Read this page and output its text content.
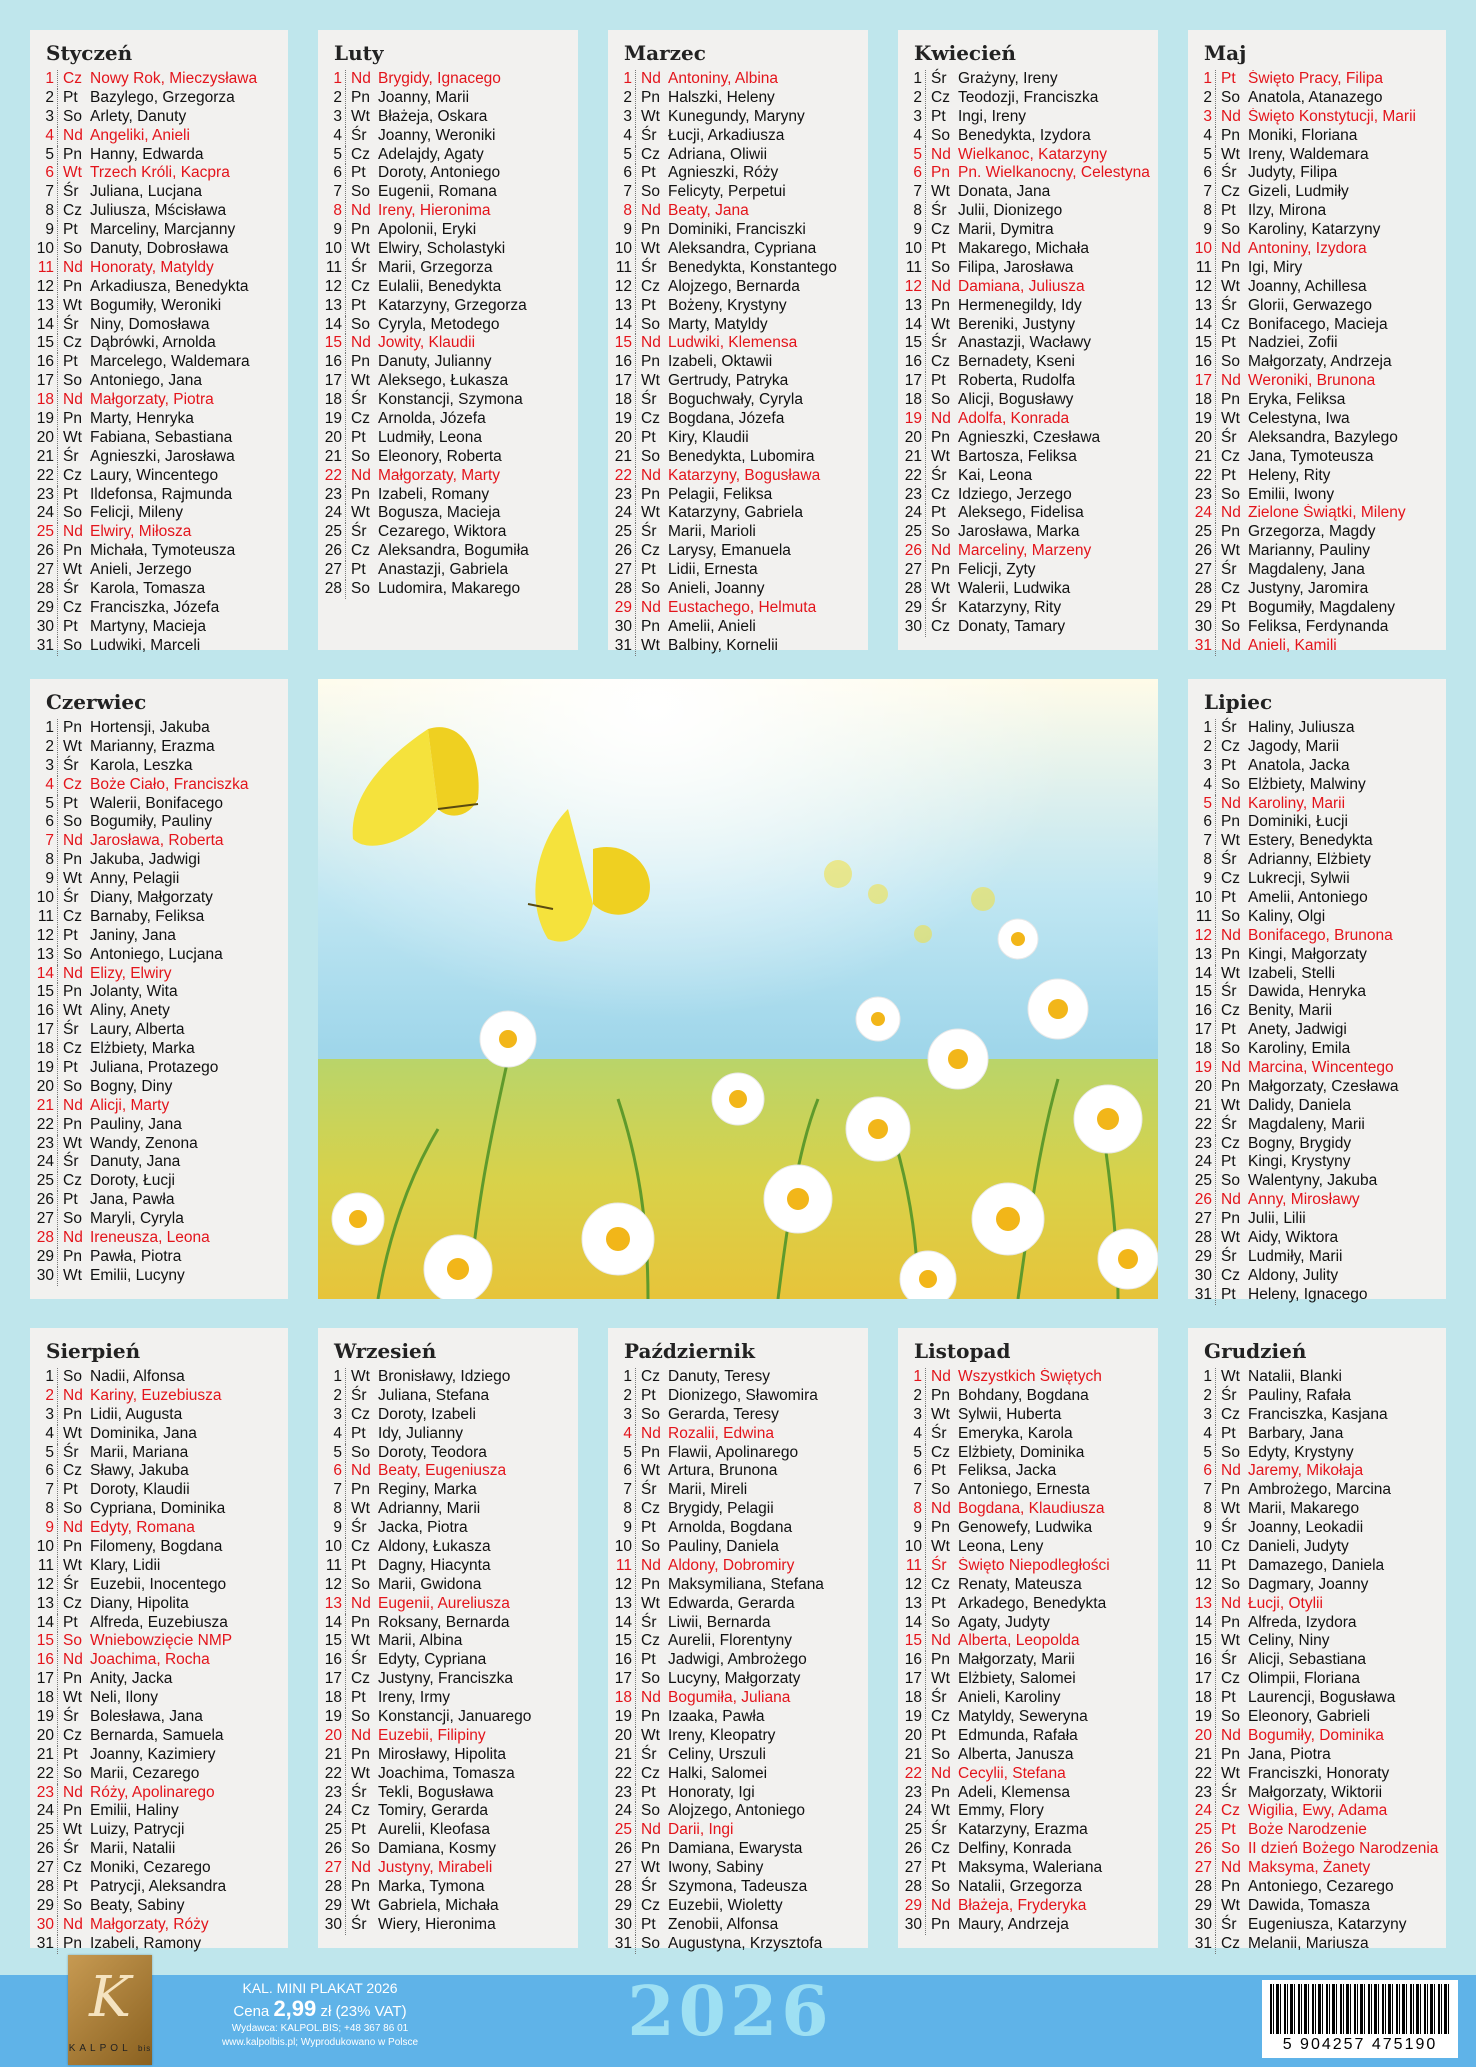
Styczeń
1 Cz Nowy Rok, Mieczysława
2 Pt Bazylego, Grzegorza
3 So Arlety, Danuty
4 Nd Angeliki, Anieli
5 Pn Hanny, Edwarda
6 Wt Trzech Króli, Kacpra
7 Śr Juliana, Lucjana
8 Cz Juliusza, Mścisława
9 Pt Marceliny, Marcjanny
10 So Danuty, Dobrosława
11 Nd Honoraty, Matyldy
12 Pn Arkadiusza, Benedykta
13 Wt Bogumiły, Weroniki
14 Śr Niny, Domosława
15 Cz Dąbrówki, Arnolda
16 Pt Marcelego, Waldemara
17 So Antoniego, Jana
18 Nd Małgorzaty, Piotra
19 Pn Marty, Henryka
20 Wt Fabiana, Sebastiana
21 Śr Agnieszki, Jarosława
22 Cz Laury, Wincentego
23 Pt Ildefonsa, Rajmunda
24 So Felicji, Mileny
25 Nd Elwiry, Miłosza
26 Pn Michała, Tymoteusza
27 Wt Anieli, Jerzego
28 Śr Karola, Tomasza
29 Cz Franciszka, Józefa
30 Pt Martyny, Macieja
31 So Ludwiki, Marceli
Luty
1 Nd Brygidy, Ignacego
2 Pn Joanny, Marii
3 Wt Błażeja, Oskara
4 Śr Joanny, Weroniki
5 Cz Adelajdy, Agaty
6 Pt Doroty, Antoniego
7 So Eugenii, Romana
8 Nd Ireny, Hieronima
9 Pn Apolonii, Eryki
10 Wt Elwiry, Scholastyki
11 Śr Marii, Grzegorza
12 Cz Eulalii, Benedykta
13 Pt Katarzyny, Grzegorza
14 So Cyryla, Metodego
15 Nd Jowity, Klaudii
16 Pn Danuty, Julianny
17 Wt Aleksego, Łukasza
18 Śr Konstancji, Szymona
19 Cz Arnolda, Józefa
20 Pt Ludmiły, Leona
21 So Eleonory, Roberta
22 Nd Małgorzaty, Marty
23 Pn Izabeli, Romany
24 Wt Bogusza, Macieja
25 Śr Cezarego, Wiktora
26 Cz Aleksandra, Bogumiła
27 Pt Anastazji, Gabriela
28 So Ludomira, Makarego
Marzec
1 Nd Antoniny, Albina
2 Pn Halszki, Heleny
3 Wt Kunegundy, Maryny
4 Śr Łucji, Arkadiusza
5 Cz Adriana, Oliwii
6 Pt Agnieszki, Róży
7 So Felicyty, Perpetui
8 Nd Beaty, Jana
9 Pn Dominiki, Franciszki
10 Wt Aleksandra, Cypriana
11 Śr Benedykta, Konstantego
12 Cz Alojzego, Bernarda
13 Pt Bożeny, Krystyny
14 So Marty, Matyldy
15 Nd Ludwiki, Klemensa
16 Pn Izabeli, Oktawii
17 Wt Gertrudy, Patryka
18 Śr Boguchwały, Cyryla
19 Cz Bogdana, Józefa
20 Pt Kiry, Klaudii
21 So Benedykta, Lubomira
22 Nd Katarzyny, Bogusława
23 Pn Pelagii, Feliksa
24 Wt Katarzyny, Gabriela
25 Śr Marii, Marioli
26 Cz Larysy, Emanuela
27 Pt Lidii, Ernesta
28 So Anieli, Joanny
29 Nd Eustachego, Helmuta
30 Pn Amelii, Anieli
31 Wt Balbiny, Kornelii
Kwiecień
1 Śr Grażyny, Ireny
2 Cz Teodozji, Franciszka
3 Pt Ingi, Ireny
4 So Benedykta, Izydora
5 Nd Wielkanoc, Katarzyny
6 Pn Pn. Wielkanocny, Celestyna
7 Wt Donata, Jana
8 Śr Julii, Dionizego
9 Cz Marii, Dymitra
10 Pt Makarego, Michała
11 So Filipa, Jarosława
12 Nd Damiana, Juliusza
13 Pn Hermenegildy, Idy
14 Wt Bereniki, Justyny
15 Śr Anastazji, Wacławy
16 Cz Bernadety, Kseni
17 Pt Roberta, Rudolfa
18 So Alicji, Bogusławy
19 Nd Adolfa, Konrada
20 Pn Agnieszki, Czesława
21 Wt Bartosza, Feliksa
22 Śr Kai, Leona
23 Cz Idziego, Jerzego
24 Pt Aleksego, Fidelisa
25 So Jarosława, Marka
26 Nd Marceliny, Marzeny
27 Pn Felicji, Zyty
28 Wt Walerii, Ludwika
29 Śr Katarzyny, Rity
30 Cz Donaty, Tamary
Maj
1 Pt Święto Pracy, Filipa
2 So Anatola, Atanazego
3 Nd Święto Konstytucji, Marii
4 Pn Moniki, Floriana
5 Wt Ireny, Waldemara
6 Śr Judyty, Filipa
7 Cz Gizeli, Ludmiły
8 Pt Ilzy, Mirona
9 So Karoliny, Katarzyny
10 Nd Antoniny, Izydora
11 Pn Igi, Miry
12 Wt Joanny, Achillesa
13 Śr Glorii, Gerwazego
14 Cz Bonifacego, Macieja
15 Pt Nadziei, Zofii
16 So Małgorzaty, Andrzeja
17 Nd Weroniki, Brunona
18 Pn Eryka, Feliksa
19 Wt Celestyna, Iwa
20 Śr Aleksandra, Bazylego
21 Cz Jana, Tymoteusza
22 Pt Heleny, Rity
23 So Emilii, Iwony
24 Nd Zielone Świątki, Mileny
25 Pn Grzegorza, Magdy
26 Wt Marianny, Pauliny
27 Śr Magdaleny, Jana
28 Cz Justyny, Jaromira
29 Pt Bogumiły, Magdaleny
30 So Feliksa, Ferdynanda
31 Nd Anieli, Kamili
Czerwiec
1 Pn Hortensji, Jakuba
2 Wt Marianny, Erazma
3 Śr Karola, Leszka
4 Cz Boże Ciało, Franciszka
5 Pt Walerii, Bonifacego
6 So Bogumiły, Pauliny
7 Nd Jarosława, Roberta
8 Pn Jakuba, Jadwigi
9 Wt Anny, Pelagii
10 Śr Diany, Małgorzaty
11 Cz Barnaby, Feliksa
12 Pt Janiny, Jana
13 So Antoniego, Lucjana
14 Nd Elizy, Elwiry
15 Pn Jolanty, Wita
16 Wt Aliny, Anety
17 Śr Laury, Alberta
18 Cz Elżbiety, Marka
19 Pt Juliana, Protazego
20 So Bogny, Diny
21 Nd Alicji, Marty
22 Pn Pauliny, Jana
23 Wt Wandy, Zenona
24 Śr Danuty, Jana
25 Cz Doroty, Łucji
26 Pt Jana, Pawła
27 So Maryli, Cyryla
28 Nd Ireneusza, Leona
29 Pn Pawła, Piotra
30 Wt Emilii, Lucyny
Lipiec
1 Śr Haliny, Juliusza
2 Cz Jagody, Marii
3 Pt Anatola, Jacka
4 So Elżbiety, Malwiny
5 Nd Karoliny, Marii
6 Pn Dominiki, Łucji
7 Wt Estery, Benedykta
8 Śr Adrianny, Elżbiety
9 Cz Lukrecji, Sylwii
10 Pt Amelii, Antoniego
11 So Kaliny, Olgi
12 Nd Bonifacego, Brunona
13 Pn Kingi, Małgorzaty
14 Wt Izabeli, Stelli
15 Śr Dawida, Henryka
16 Cz Benity, Marii
17 Pt Anety, Jadwigi
18 So Karoliny, Emila
19 Nd Marcina, Wincentego
20 Pn Małgorzaty, Czesława
21 Wt Dalidy, Daniela
22 Śr Magdaleny, Marii
23 Cz Bogny, Brygidy
24 Pt Kingi, Krystyny
25 So Walentyny, Jakuba
26 Nd Anny, Mirosławy
27 Pn Julii, Lilii
28 Wt Aidy, Wiktora
29 Śr Ludmiły, Marii
30 Cz Aldony, Julity
31 Pt Heleny, Ignacego
Sierpień
1 So Nadii, Alfonsa
2 Nd Kariny, Euzebiusza
3 Pn Lidii, Augusta
4 Wt Dominika, Jana
5 Śr Marii, Mariana
6 Cz Sławy, Jakuba
7 Pt Doroty, Klaudii
8 So Cypriana, Dominika
9 Nd Edyty, Romana
10 Pn Filomeny, Bogdana
11 Wt Klary, Lidii
12 Śr Euzebii, Inocentego
13 Cz Diany, Hipolita
14 Pt Alfreda, Euzebiusza
15 So Wniebowzięcie NMP
16 Nd Joachima, Rocha
17 Pn Anity, Jacka
18 Wt Neli, Ilony
19 Śr Bolesława, Jana
20 Cz Bernarda, Samuela
21 Pt Joanny, Kazimiery
22 So Marii, Cezarego
23 Nd Róży, Apolinarego
24 Pn Emilii, Haliny
25 Wt Luizy, Patrycji
26 Śr Marii, Natalii
27 Cz Moniki, Cezarego
28 Pt Patrycji, Aleksandra
29 So Beaty, Sabiny
30 Nd Małgorzaty, Róży
31 Pn Izabeli, Ramony
Wrzesień
1 Wt Bronisławy, Idziego
2 Śr Juliana, Stefana
3 Cz Doroty, Izabeli
4 Pt Idy, Julianny
5 So Doroty, Teodora
6 Nd Beaty, Eugeniusza
7 Pn Reginy, Marka
8 Wt Adrianny, Marii
9 Śr Jacka, Piotra
10 Cz Aldony, Łukasza
11 Pt Dagny, Hiacynta
12 So Marii, Gwidona
13 Nd Eugenii, Aureliusza
14 Pn Roksany, Bernarda
15 Wt Marii, Albina
16 Śr Edyty, Cypriana
17 Cz Justyny, Franciszka
18 Pt Ireny, Irmy
19 So Konstancji, Januarego
20 Nd Euzebii, Filipiny
21 Pn Mirosławy, Hipolita
22 Wt Joachima, Tomasza
23 Śr Tekli, Bogusława
24 Cz Tomiry, Gerarda
25 Pt Aurelii, Kleofasa
26 So Damiana, Kosmy
27 Nd Justyny, Mirabeli
28 Pn Marka, Tymona
29 Wt Gabriela, Michała
30 Śr Wiery, Hieronima
Październik
1 Cz Danuty, Teresy
2 Pt Dionizego, Sławomira
3 So Gerarda, Teresy
4 Nd Rozalii, Edwina
5 Pn Flawii, Apolinarego
6 Wt Artura, Brunona
7 Śr Marii, Mireli
8 Cz Brygidy, Pelagii
9 Pt Arnolda, Bogdana
10 So Pauliny, Daniela
11 Nd Aldony, Dobromiry
12 Pn Maksymiliana, Stefana
13 Wt Edwarda, Gerarda
14 Śr Liwii, Bernarda
15 Cz Aurelii, Florentyny
16 Pt Jadwigi, Ambrożego
17 So Lucyny, Małgorzaty
18 Nd Bogumiła, Juliana
19 Pn Izaaka, Pawła
20 Wt Ireny, Kleopatry
21 Śr Celiny, Urszuli
22 Cz Halki, Salomei
23 Pt Honoraty, Igi
24 So Alojzego, Antoniego
25 Nd Darii, Ingi
26 Pn Damiana, Ewarysta
27 Wt Iwony, Sabiny
28 Śr Szymona, Tadeusza
29 Cz Euzebii, Wioletty
30 Pt Zenobii, Alfonsa
31 So Augustyna, Krzysztofa
Listopad
1 Nd Wszystkich Świętych
2 Pn Bohdany, Bogdana
3 Wt Sylwii, Huberta
4 Śr Emeryka, Karola
5 Cz Elżbiety, Dominika
6 Pt Feliksa, Jacka
7 So Antoniego, Ernesta
8 Nd Bogdana, Klaudiusza
9 Pn Genowefy, Ludwika
10 Wt Leona, Leny
11 Śr Święto Niepodległości
12 Cz Renaty, Mateusza
13 Pt Arkadego, Benedykta
14 So Agaty, Judyty
15 Nd Alberta, Leopolda
16 Pn Małgorzaty, Marii
17 Wt Elżbiety, Salomei
18 Śr Anieli, Karoliny
19 Cz Matyldy, Seweryna
20 Pt Edmunda, Rafała
21 So Alberta, Janusza
22 Nd Cecylii, Stefana
23 Pn Adeli, Klemensa
24 Wt Emmy, Flory
25 Śr Katarzyny, Erazma
26 Cz Delfiny, Konrada
27 Pt Maksyma, Waleriana
28 So Natalii, Grzegorza
29 Nd Błażeja, Fryderyka
30 Pn Maury, Andrzeja
Grudzień
1 Wt Natalii, Blanki
2 Śr Pauliny, Rafała
3 Cz Franciszka, Kasjana
4 Pt Barbary, Jana
5 So Edyty, Krystyny
6 Nd Jaremy, Mikołaja
7 Pn Ambrożego, Marcina
8 Wt Marii, Makarego
9 Śr Joanny, Leokadii
10 Cz Danieli, Judyty
11 Pt Damazego, Daniela
12 So Dagmary, Joanny
13 Nd Łucji, Otylii
14 Pn Alfreda, Izydora
15 Wt Celiny, Niny
16 Śr Alicji, Sebastiana
17 Cz Olimpii, Floriana
18 Pt Laurencji, Bogusława
19 So Eleonory, Gabrieli
20 Nd Bogumiły, Dominika
21 Pn Jana, Piotra
22 Wt Franciszki, Honoraty
23 Śr Małgorzaty, Wiktorii
24 Cz Wigilia, Ewy, Adama
25 Pt Boże Narodzenie
26 So II dzień Bożego Narodzenia
27 Nd Maksyma, Żanety
28 Pn Antoniego, Cezarego
29 Wt Dawida, Tomasza
30 Śr Eugeniusza, Katarzyny
31 Cz Melanii, Mariusza
K
KALPOL bis
KAL. MINI PLAKAT 2026
Cena 2,99 zł (23% VAT)
Wydawca: KALPOL.BIS; +48 367 86 01
www.kalpolbis.pl; Wyprodukowano w Polsce	2026	5 904257 475190
